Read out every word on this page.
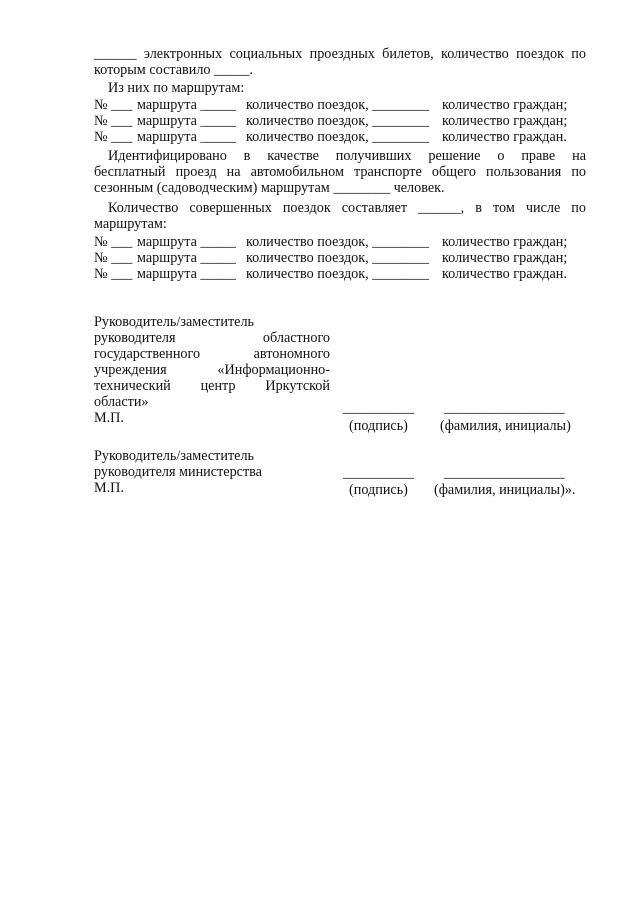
______ электронных социальных проездных билетов, количество поездок по
которым составило _____.
Из них по маршрутам:
№ ___ маршрута _____ количество поездок, ________ количество граждан;
№ ___ маршрута _____ количество поездок, ________ количество граждан;
№ ___ маршрута _____ количество поездок, ________ количество граждан.
Идентифицировано в качестве получивших решение о праве на
бесплатный проезд на автомобильном транспорте общего пользования по
сезонным (садоводческим) маршрутам ________ человек.
Количество совершенных поездок составляет ______, в том числе по
маршрутам:
№ ___ маршрута _____ количество поездок, ________ количество граждан;
№ ___ маршрута _____ количество поездок, ________ количество граждан;
№ ___ маршрута _____ количество поездок, ________ количество граждан.
Руководитель/заместитель
руководителя областного
государственного автономного
учреждения «Информационно-
технический центр Иркутской
области»
М.П.
__________ _________________
(подпись) (фамилия, инициалы)
Руководитель/заместитель
руководителя министерства
М.П.
__________ _________________
(подпись) (фамилия, инициалы)».
